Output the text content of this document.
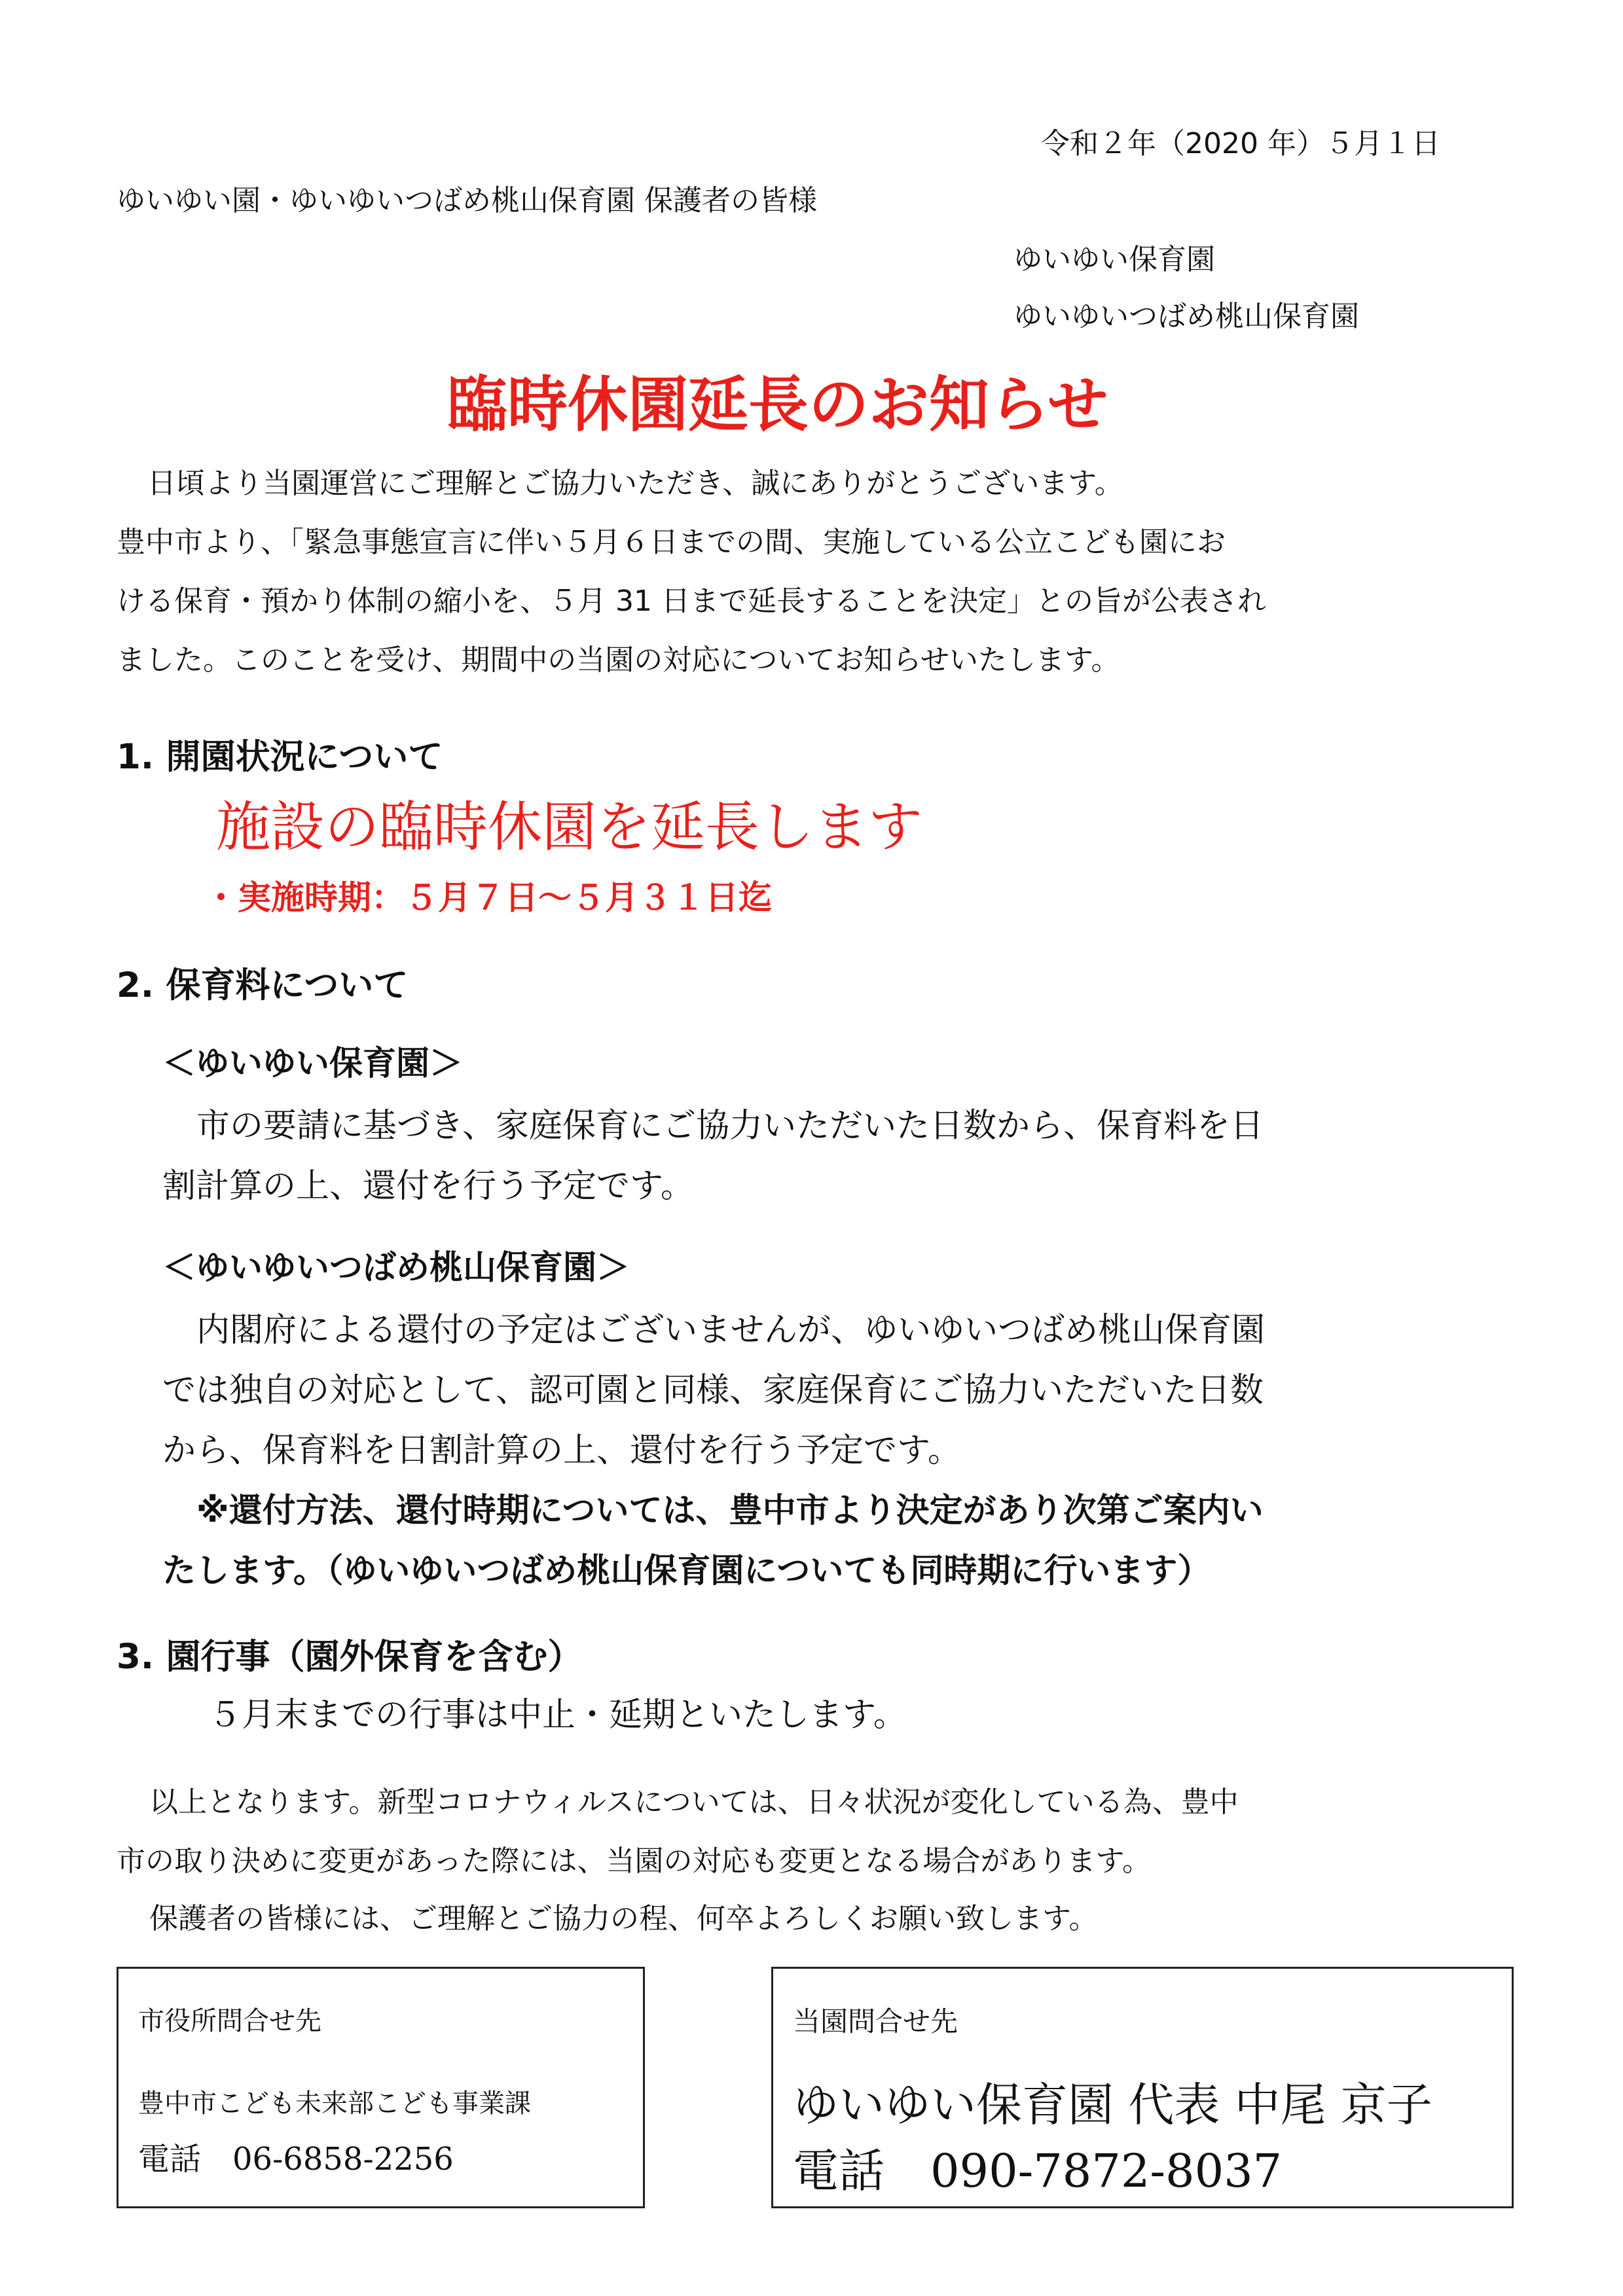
令和２年（2020 年）５月１日
ゆいゆい園・ゆいゆいつばめ桃山保育園 保護者の皆様
ゆいゆい保育園
ゆいゆいつばめ桃山保育園
臨時休園延長のお知らせ
日頃より当園運営にご理解とご協力いただき、誠にありがとうございます。
豊中市より、「緊急事態宣言に伴い５月６日までの間、実施している公立こども園にお
ける保育・預かり体制の縮小を、５月 31 日まで延長することを決定」との旨が公表され
ました。このことを受け、期間中の当園の対応についてお知らせいたします。
1. 開園状況について
施設の臨時休園を延長します
・実施時期：５月７日～５月３１日迄
2. 保育料について
＜ゆいゆい保育園＞
市の要請に基づき、家庭保育にご協力いただいた日数から、保育料を日
割計算の上、還付を行う予定です。
＜ゆいゆいつばめ桃山保育園＞
内閣府による還付の予定はございませんが、ゆいゆいつばめ桃山保育園
では独自の対応として、認可園と同様、家庭保育にご協力いただいた日数
から、保育料を日割計算の上、還付を行う予定です。
※還付方法、還付時期については、豊中市より決定があり次第ご案内い
たします。（ゆいゆいつばめ桃山保育園についても同時期に行います）
3. 園行事（園外保育を含む）
５月末までの行事は中止・延期といたします。
以上となります。新型コロナウィルスについては、日々状況が変化している為、豊中
市の取り決めに変更があった際には、当園の対応も変更となる場合があります。
保護者の皆様には、ご理解とご協力の程、何卒よろしくお願い致します。
市役所問合せ先
豊中市こども未来部こども事業課
電話　06-6858-2256
当園問合せ先
ゆいゆい保育園 代表 中尾 京子
電話　090-7872-8037
